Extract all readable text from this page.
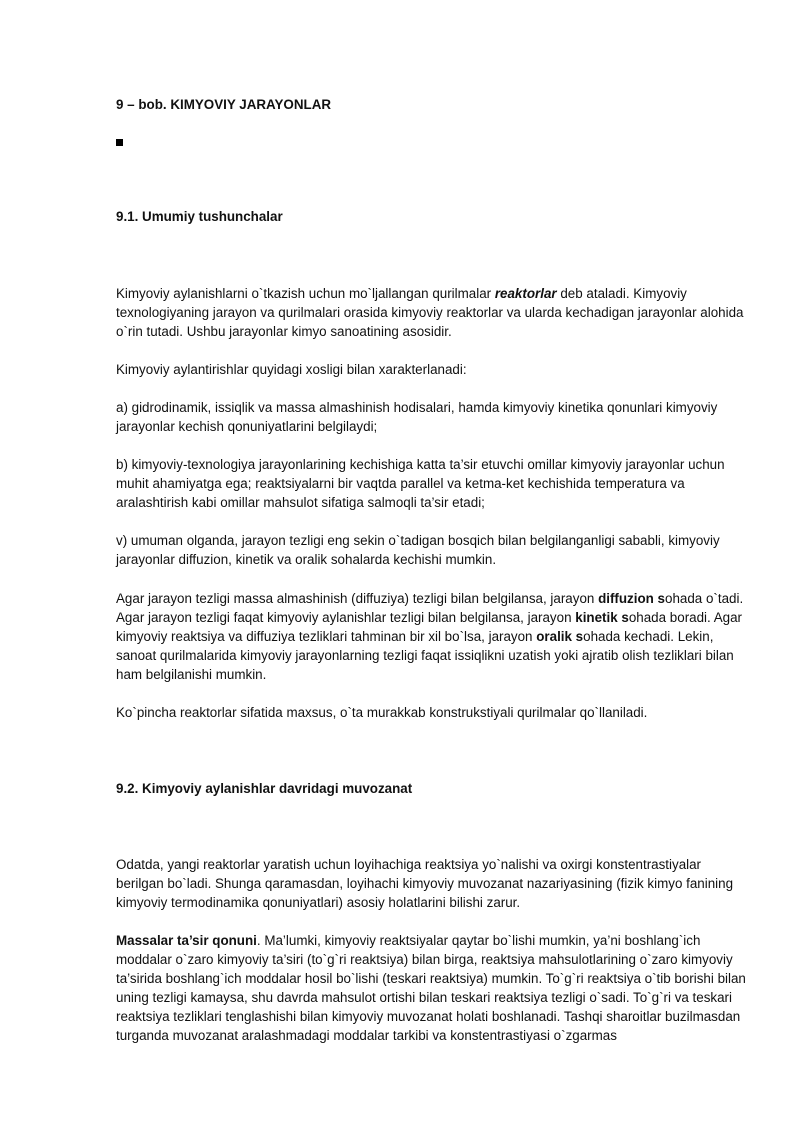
9 – bob. KIMYOVIY JARAYONLAR

9.1. Umumiy tushunchalar

Kimyoviy aylanishlarni o`tkazish uchun mo`ljallangan qurilmalar reaktorlar deb ataladi. Kimyoviy texnologiyaning jarayon va qurilmalari orasida kimyoviy reaktorlar va ularda kechadigan jarayonlar alohida o`rin tutadi. Ushbu jarayonlar kimyo sanoatining asosidir.

Kimyoviy aylantirishlar quyidagi xosligi bilan xarakterlanadi:

a) gidrodinamik, issiqlik va massa almashinish hodisalari, hamda kimyoviy kinetika qonunlari kimyoviy jarayonlar kechish qonuniyatlarini belgilaydi;

b) kimyoviy-texnologiya jarayonlarining kechishiga katta ta’sir etuvchi omillar kimyoviy jarayonlar uchun muhit ahamiyatga ega; reaktsiyalarni bir vaqtda parallel va ketma-ket kechishida temperatura va aralashtirish kabi omillar mahsulot sifatiga salmoqli ta’sir etadi;

v) umuman olganda, jarayon tezligi eng sekin o`tadigan bosqich bilan belgilanganligi sababli, kimyoviy jarayonlar diffuzion, kinetik va oralik sohalarda kechishi mumkin.

Agar jarayon tezligi massa almashinish (diffuziya) tezligi bilan belgilansa, jarayon diffuzion sohada o`tadi. Agar jarayon tezligi faqat kimyoviy aylanishlar tezligi bilan belgilansa, jarayon kinetik sohada boradi. Agar kimyoviy reaktsiya va diffuziya tezliklari tahminan bir xil bo`lsa, jarayon oralik sohada kechadi. Lekin, sanoat qurilmalarida kimyoviy jarayonlarning tezligi faqat issiqlikni uzatish yoki ajratib olish tezliklari bilan ham belgilanishi mumkin.

Ko`pincha reaktorlar sifatida maxsus, o`ta murakkab konstrukstiyali qurilmalar qo`llaniladi.

9.2. Kimyoviy aylanishlar davridagi muvozanat

Odatda, yangi reaktorlar yaratish uchun loyihachiga reaktsiya yo`nalishi va oxirgi konstentrastiyalar berilgan bo`ladi. Shunga qaramasdan, loyihachi kimyoviy muvozanat nazariyasining (fizik kimyo fanining kimyoviy termodinamika qonuniyatlari) asosiy holatlarini bilishi zarur.

Massalar ta’sir qonuni. Ma’lumki, kimyoviy reaktsiyalar qaytar bo`lishi mumkin, ya’ni boshlang`ich moddalar o`zaro kimyoviy ta’siri (to`g`ri reaktsiya) bilan birga, reaktsiya mahsulotlarining o`zaro kimyoviy ta’sirida boshlang`ich moddalar hosil bo`lishi (teskari reaktsiya) mumkin. To`g`ri reaktsiya o`tib borishi bilan uning tezligi kamaysa, shu davrda mahsulot ortishi bilan teskari reaktsiya tezligi o`sadi. To`g`ri va teskari reaktsiya tezliklari tenglashishi bilan kimyoviy muvozanat holati boshlanadi. Tashqi sharoitlar buzilmasdan turganda muvozanat aralashmadagi moddalar tarkibi va konstentrastiyasi o`zgarmas
